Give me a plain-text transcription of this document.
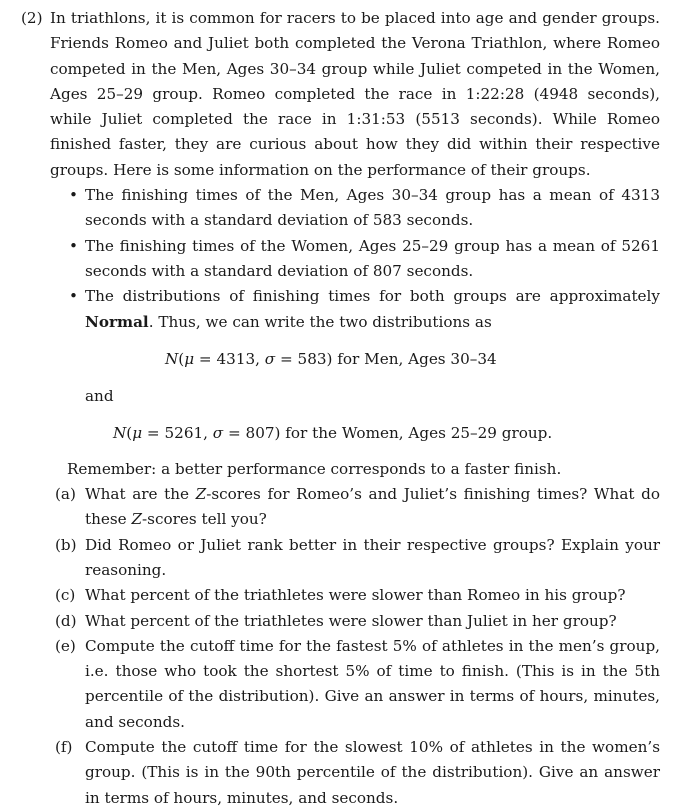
(2) In triathlons, it is common for racers to be placed into age and gender groups. Friends Romeo and Juliet both completed the Verona Triathlon, where Romeo competed in the Men, Ages 30–34 group while Juliet competed in the Women, Ages 25–29 group. Romeo completed the race in 1:22:28 (4948 seconds), while Juliet completed the race in 1:31:53 (5513 seconds). While Romeo finished faster, they are curious about how they did within their respective groups. Here is some information on the performance of their groups.
• The finishing times of the Men, Ages 30–34 group has a mean of 4313 seconds with a standard deviation of 583 seconds.
• The finishing times of the Women, Ages 25–29 group has a mean of 5261 seconds with a standard deviation of 807 seconds.
• The distributions of finishing times for both groups are approximately Normal. Thus, we can write the two distributions as
N(μ = 4313, σ = 583) for Men, Ages 30–34
and
N(μ = 5261, σ = 807) for the Women, Ages 25–29 group.
Remember: a better performance corresponds to a faster finish.
(a) What are the Z-scores for Romeo’s and Juliet’s finishing times? What do these Z-scores tell you?
(b) Did Romeo or Juliet rank better in their respective groups? Explain your reasoning.
(c) What percent of the triathletes were slower than Romeo in his group?
(d) What percent of the triathletes were slower than Juliet in her group?
(e) Compute the cutoff time for the fastest 5% of athletes in the men’s group, i.e. those who took the shortest 5% of time to finish. (This is in the 5th percentile of the distribution). Give an answer in terms of hours, minutes, and seconds.
(f) Compute the cutoff time for the slowest 10% of athletes in the women’s group. (This is in the 90th percentile of the distribution). Give an answer in terms of hours, minutes, and seconds.
